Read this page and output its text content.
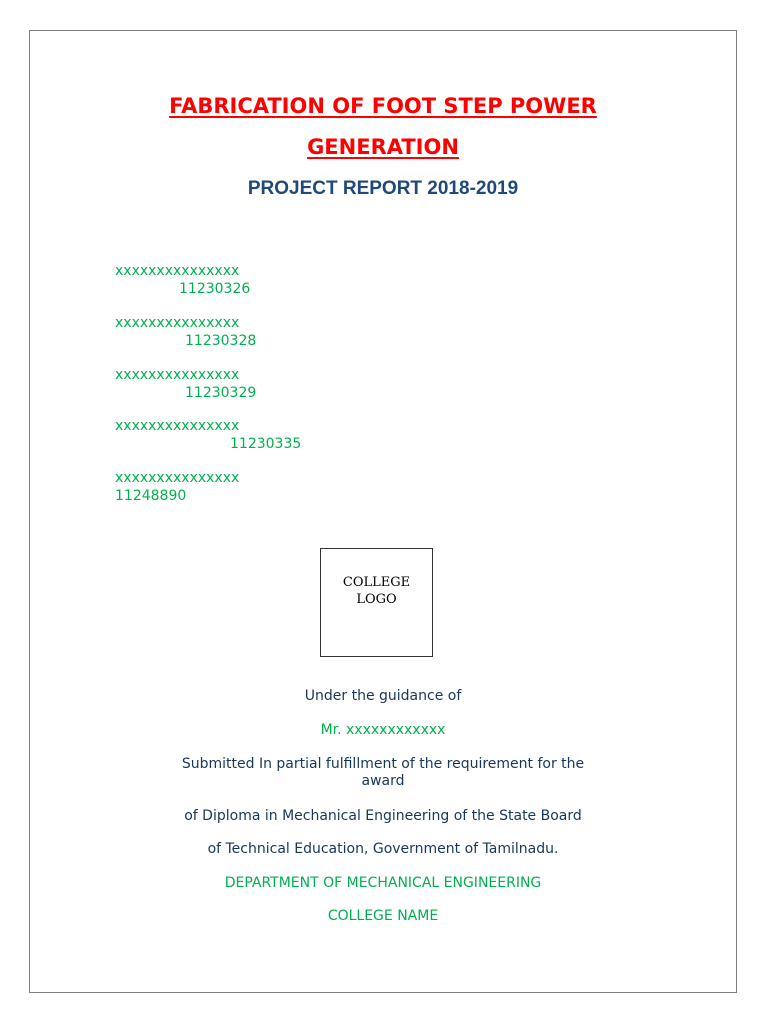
FABRICATION OF FOOT STEP POWER
GENERATION
PROJECT REPORT 2018-2019
xxxxxxxxxxxxxxx
11230326
xxxxxxxxxxxxxxx
11230328
xxxxxxxxxxxxxxx
11230329
xxxxxxxxxxxxxxx
11230335
xxxxxxxxxxxxxxx
11248890
COLLEGE
LOGO
Under the guidance of
Mr. xxxxxxxxxxxx
Submitted In partial fulfillment of the requirement for the
award
of Diploma in Mechanical Engineering of the State Board
of Technical Education, Government of Tamilnadu.
DEPARTMENT OF MECHANICAL ENGINEERING
COLLEGE NAME
